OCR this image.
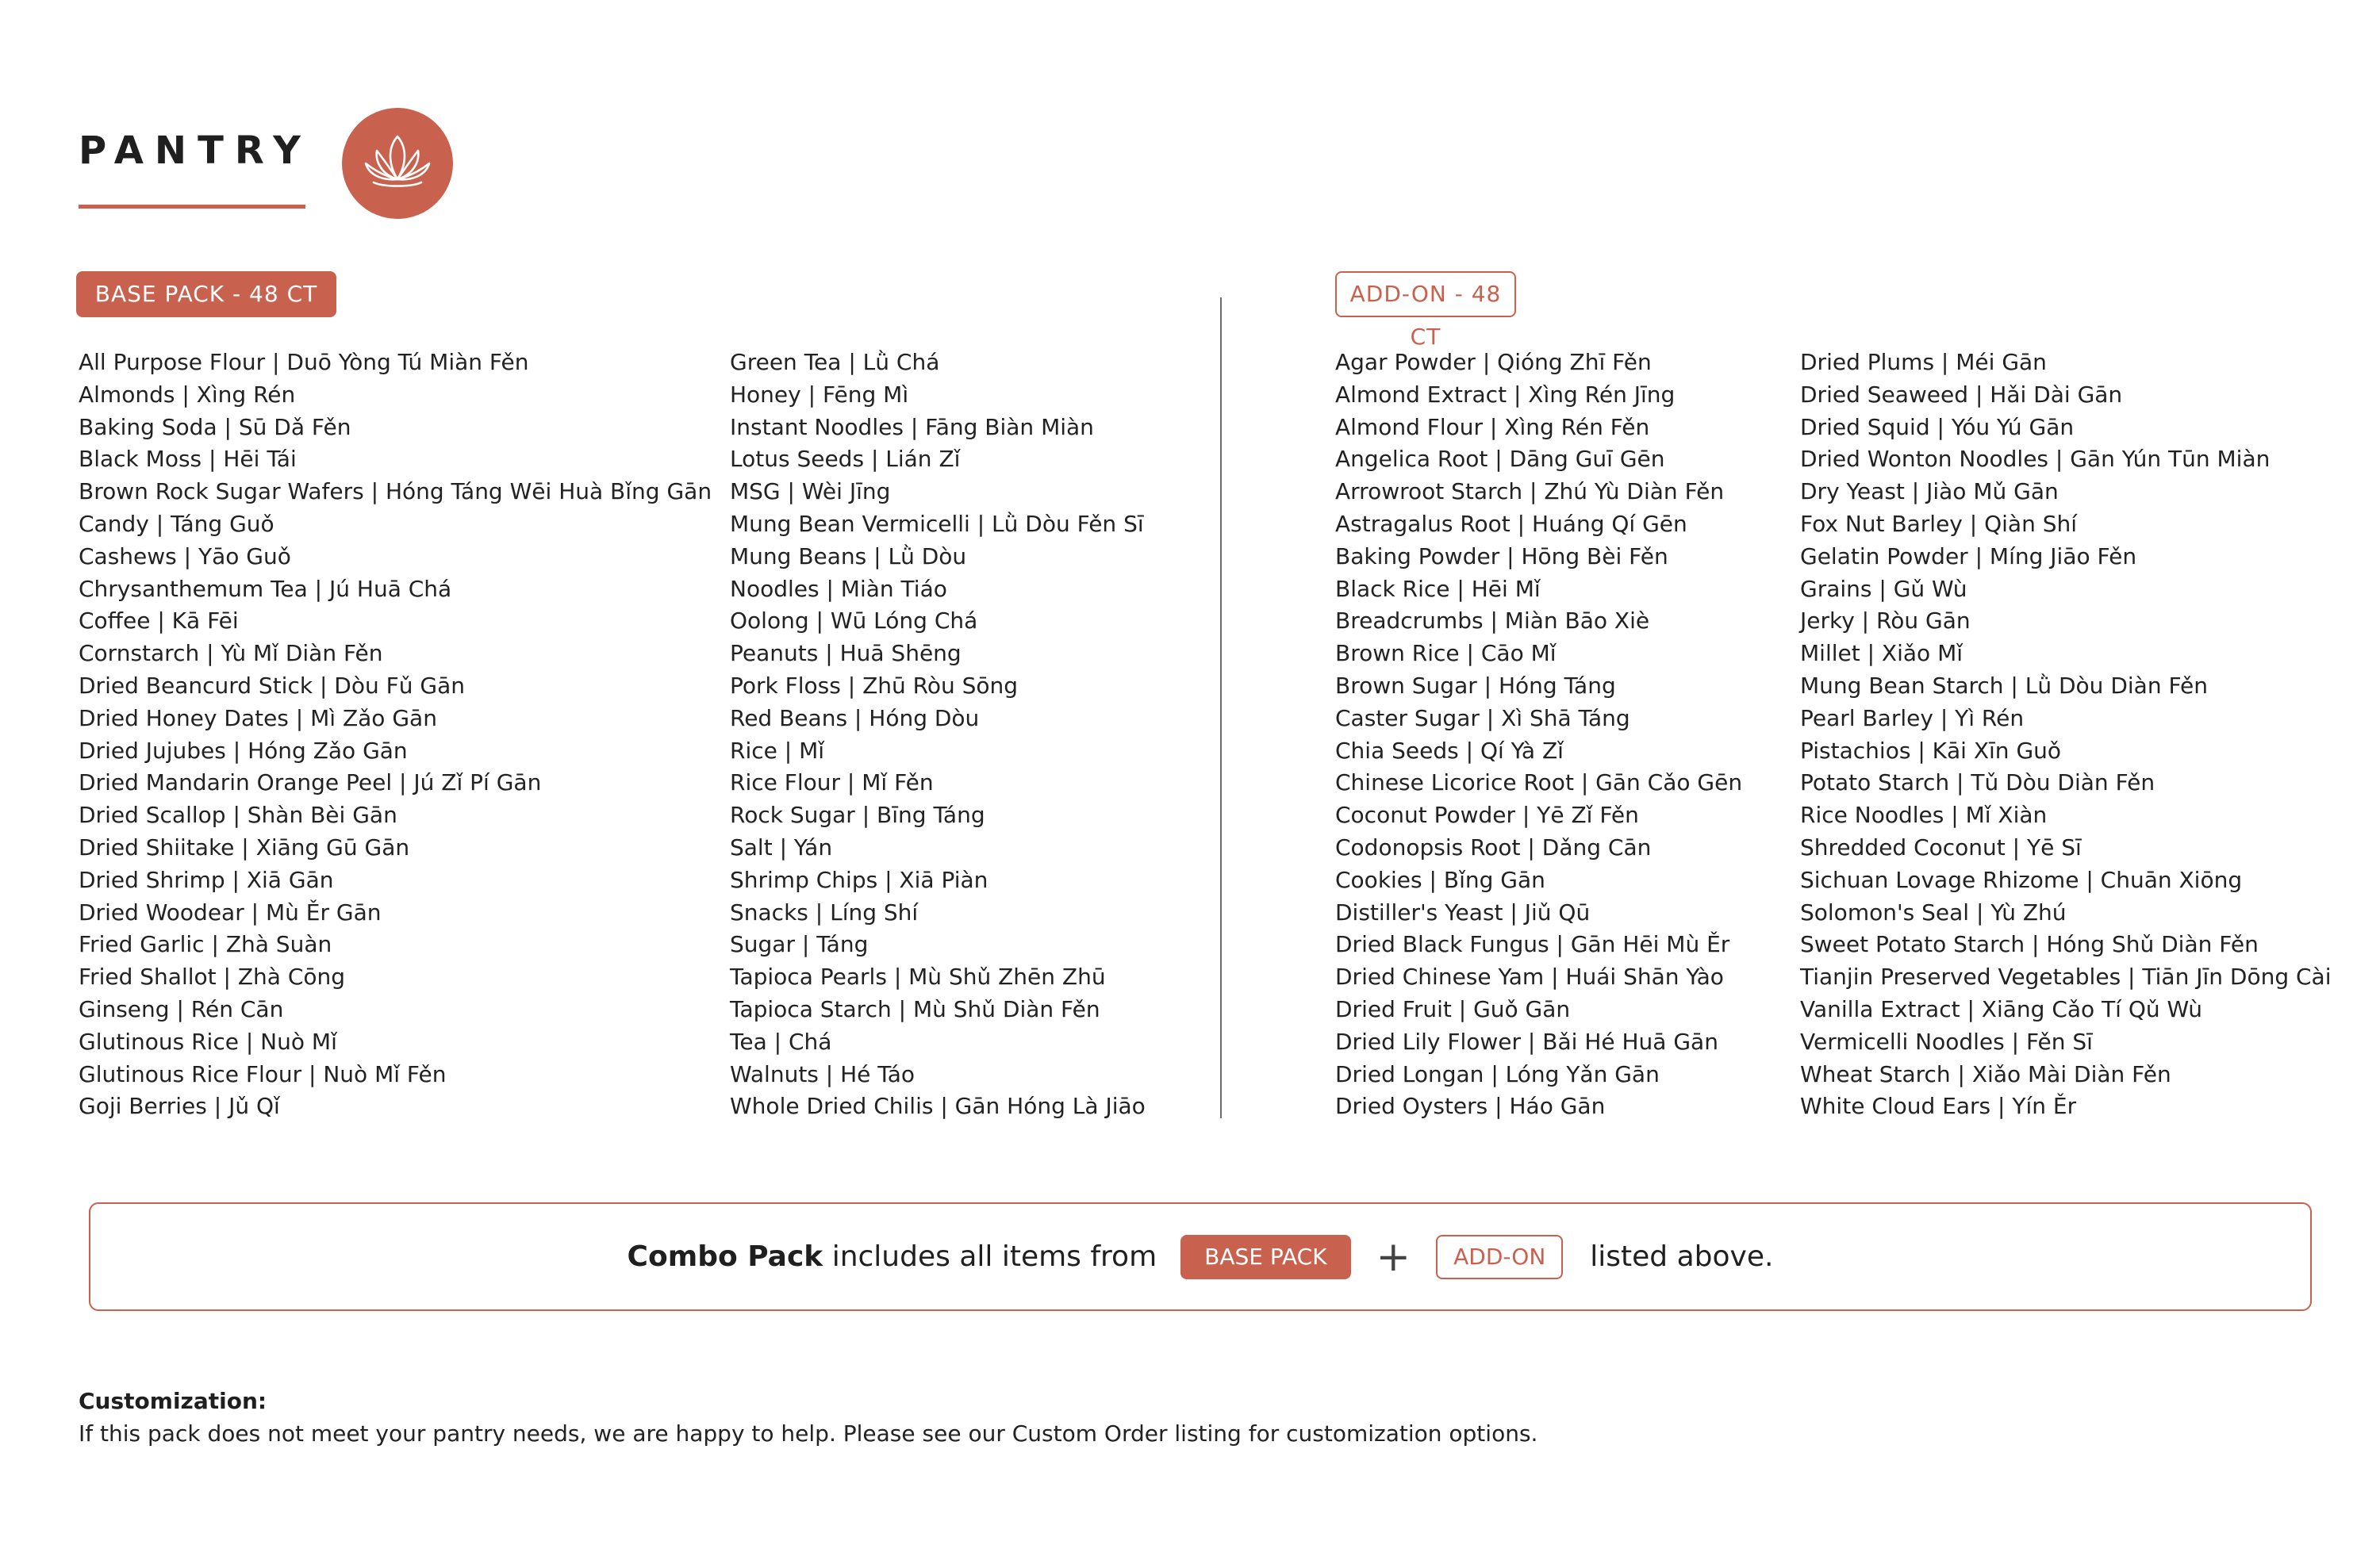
PANTRY
BASE PACK - 48 CT	ADD-ON - 48 CT
All Purpose Flour | Duō Yòng Tú Miàn Fěn
Almonds | Xìng Rén
Baking Soda | Sū Dǎ Fěn
Black Moss | Hēi Tái
Brown Rock Sugar Wafers | Hóng Táng Wēi Huà Bǐng Gān
Candy | Táng Guǒ
Cashews | Yāo Guǒ
Chrysanthemum Tea | Jú Huā Chá
Coffee | Kā Fēi
Cornstarch | Yù Mǐ Diàn Fěn
Dried Beancurd Stick | Dòu Fǔ Gān
Dried Honey Dates | Mì Zǎo Gān
Dried Jujubes | Hóng Zǎo Gān
Dried Mandarin Orange Peel | Jú Zǐ Pí Gān
Dried Scallop | Shàn Bèi Gān
Dried Shiitake | Xiāng Gū Gān
Dried Shrimp | Xiā Gān
Dried Woodear | Mù Ěr Gān
Fried Garlic | Zhà Suàn
Fried Shallot | Zhà Cōng
Ginseng | Rén Cān
Glutinous Rice | Nuò Mǐ
Glutinous Rice Flour | Nuò Mǐ Fěn
Goji Berries | Jǔ Qǐ
Green Tea | Lǜ Chá
Honey | Fēng Mì
Instant Noodles | Fāng Biàn Miàn
Lotus Seeds | Lián Zǐ
MSG | Wèi Jīng
Mung Bean Vermicelli | Lǜ Dòu Fěn Sī
Mung Beans | Lǜ Dòu
Noodles | Miàn Tiáo
Oolong | Wū Lóng Chá
Peanuts | Huā Shēng
Pork Floss | Zhū Ròu Sōng
Red Beans | Hóng Dòu
Rice | Mǐ
Rice Flour | Mǐ Fěn
Rock Sugar | Bīng Táng
Salt | Yán
Shrimp Chips | Xiā Piàn
Snacks | Líng Shí
Sugar | Táng
Tapioca Pearls | Mù Shǔ Zhēn Zhū
Tapioca Starch | Mù Shǔ Diàn Fěn
Tea | Chá
Walnuts | Hé Táo
Whole Dried Chilis | Gān Hóng Là Jiāo
Agar Powder | Qióng Zhī Fěn
Almond Extract | Xìng Rén Jīng
Almond Flour | Xìng Rén Fěn
Angelica Root | Dāng Guī Gēn
Arrowroot Starch | Zhú Yù Diàn Fěn
Astragalus Root | Huáng Qí Gēn
Baking Powder | Hōng Bèi Fěn
Black Rice | Hēi Mǐ
Breadcrumbs | Miàn Bāo Xiè
Brown Rice | Cāo Mǐ
Brown Sugar | Hóng Táng
Caster Sugar | Xì Shā Táng
Chia Seeds | Qí Yà Zǐ
Chinese Licorice Root | Gān Cǎo Gēn
Coconut Powder | Yē Zǐ Fěn
Codonopsis Root | Dǎng Cān
Cookies | Bǐng Gān
Distiller's Yeast | Jiǔ Qū
Dried Black Fungus | Gān Hēi Mù Ěr
Dried Chinese Yam | Huái Shān Yào
Dried Fruit | Guǒ Gān
Dried Lily Flower | Bǎi Hé Huā Gān
Dried Longan | Lóng Yǎn Gān
Dried Oysters | Háo Gān
Dried Plums | Méi Gān
Dried Seaweed | Hǎi Dài Gān
Dried Squid | Yóu Yú Gān
Dried Wonton Noodles | Gān Yún Tūn Miàn
Dry Yeast | Jiào Mǔ Gān
Fox Nut Barley | Qiàn Shí
Gelatin Powder | Míng Jiāo Fěn
Grains | Gǔ Wù
Jerky | Ròu Gān
Millet | Xiǎo Mǐ
Mung Bean Starch | Lǜ Dòu Diàn Fěn
Pearl Barley | Yì Rén
Pistachios | Kāi Xīn Guǒ
Potato Starch | Tǔ Dòu Diàn Fěn
Rice Noodles | Mǐ Xiàn
Shredded Coconut | Yē Sī
Sichuan Lovage Rhizome | Chuān Xiōng
Solomon's Seal | Yù Zhú
Sweet Potato Starch | Hóng Shǔ Diàn Fěn
Tianjin Preserved Vegetables | Tiān Jīn Dōng Cài
Vanilla Extract | Xiāng Cǎo Tí Qǔ Wù
Vermicelli Noodles | Fěn Sī
Wheat Starch | Xiǎo Mài Diàn Fěn
White Cloud Ears | Yín Ěr
Combo Pack includes all items from	BASE PACK	+	ADD-ON	listed above.
Customization:
If this pack does not meet your pantry needs, we are happy to help. Please see our Custom Order listing for customization options.
